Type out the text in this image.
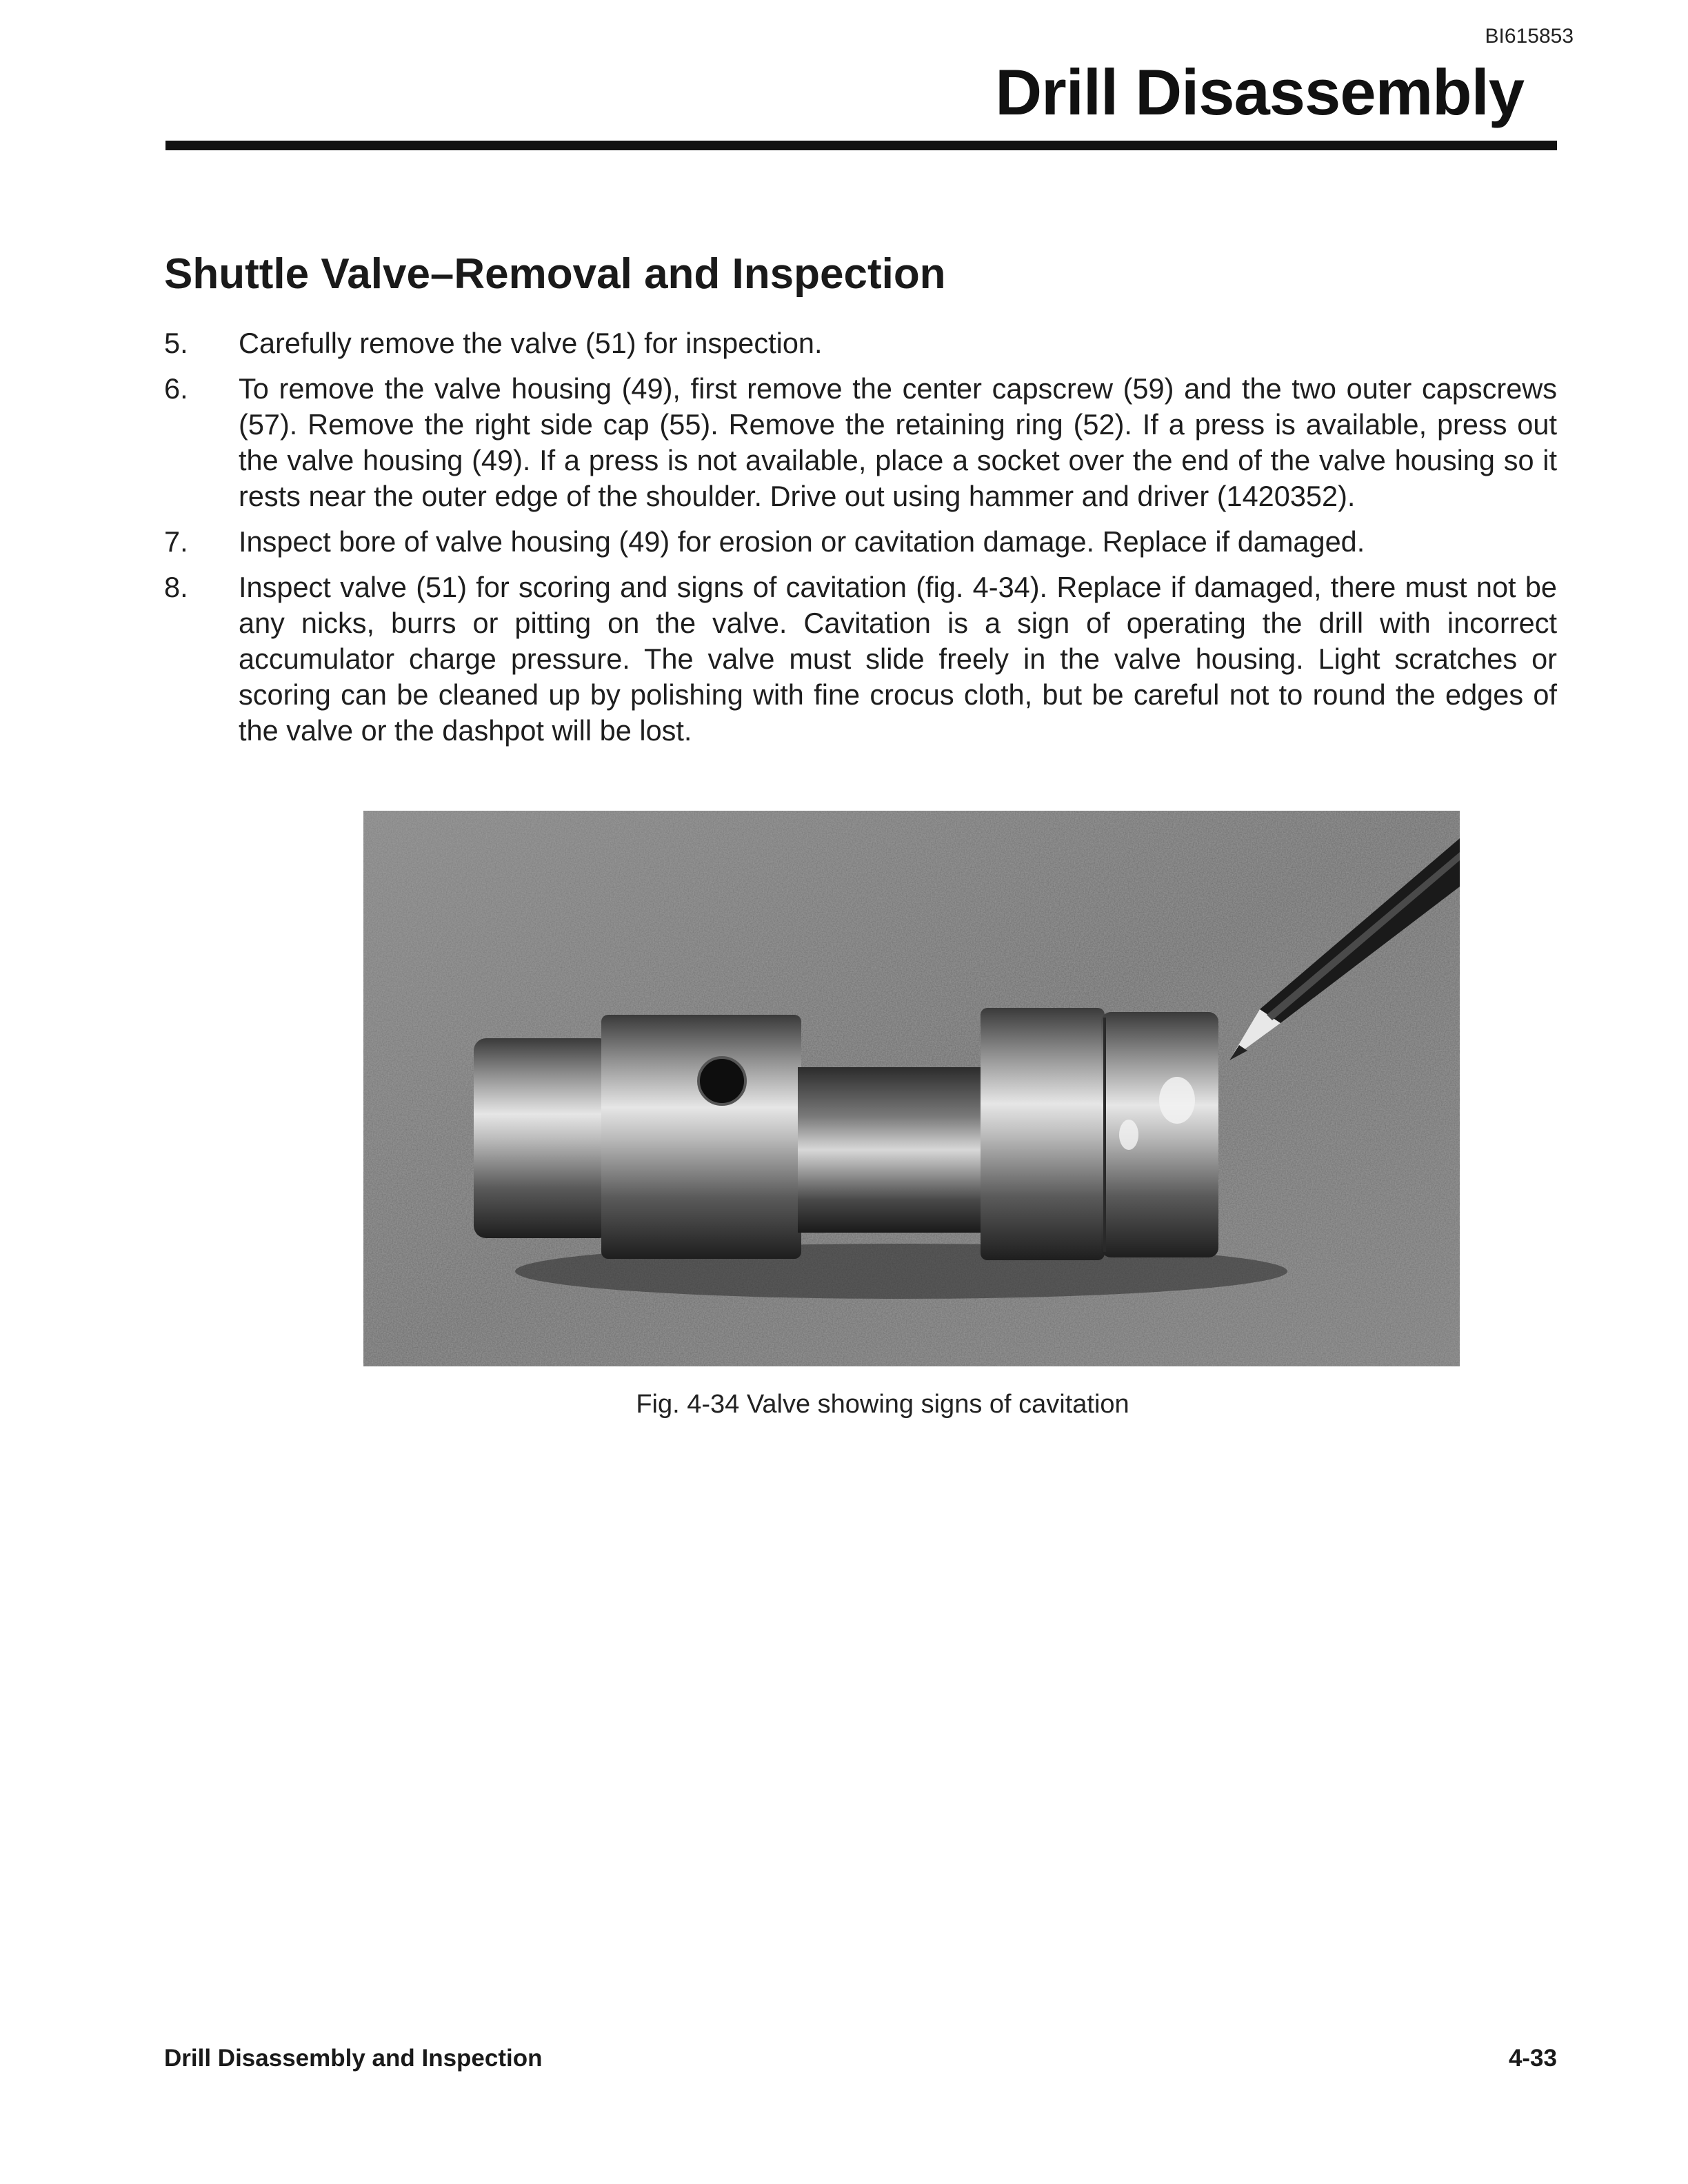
BI615853
Drill Disassembly
Shuttle Valve–Removal and Inspection
5.	Carefully remove the valve (51) for inspection.
6.	To remove the valve housing (49), first remove the center capscrew (59) and the two outer capscrews (57). Remove the right side cap (55). Remove the retaining ring (52). If a press is available, press out the valve housing (49). If a press is not available, place a socket over the end of the valve housing so it rests near the outer edge of the shoulder. Drive out using hammer and driver (1420352).
7.	Inspect bore of valve housing (49) for erosion or cavitation damage. Replace if damaged.
8.	Inspect valve (51) for scoring and signs of cavitation (fig. 4-34). Replace if damaged, there must not be any nicks, burrs or pitting on the valve. Cavitation is a sign of operating the drill with incorrect accumulator charge pressure. The valve must slide freely in the valve housing. Light scratches or scoring can be cleaned up by polishing with fine crocus cloth, but be careful not to round the edges of the valve or the dashpot will be lost.
Fig. 4-34 Valve showing signs of cavitation
Drill Disassembly and Inspection	4-33
